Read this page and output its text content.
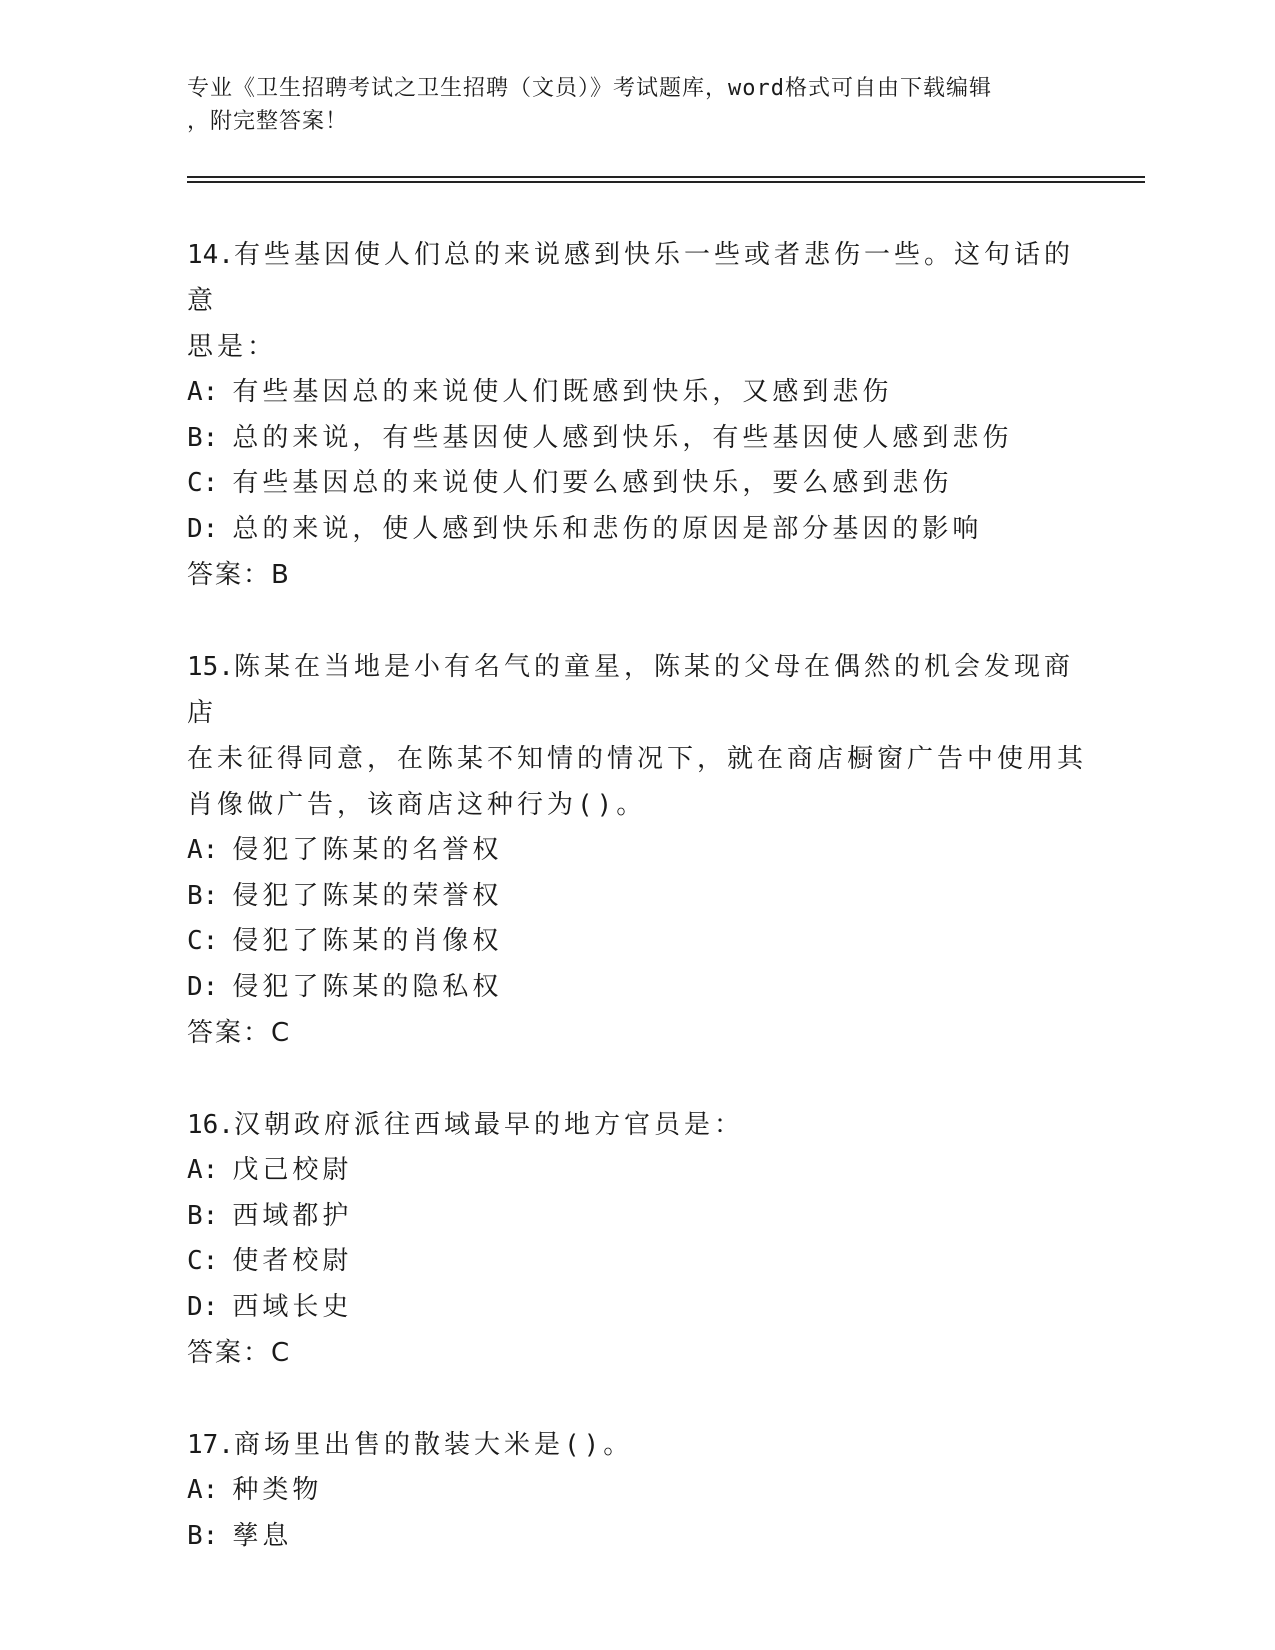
专业《卫生招聘考试之卫生招聘（文员）》考试题库，word格式可自由下载编辑
，附完整答案！
14.有些基因使人们总的来说感到快乐一些或者悲伤一些。这句话的意
思是：
A: 有些基因总的来说使人们既感到快乐，又感到悲伤
B: 总的来说，有些基因使人感到快乐，有些基因使人感到悲伤
C: 有些基因总的来说使人们要么感到快乐，要么感到悲伤
D: 总的来说，使人感到快乐和悲伤的原因是部分基因的影响
答案：B
15.陈某在当地是小有名气的童星，陈某的父母在偶然的机会发现商店
在未征得同意，在陈某不知情的情况下，就在商店橱窗广告中使用其
肖像做广告，该商店这种行为()。
A: 侵犯了陈某的名誉权
B: 侵犯了陈某的荣誉权
C: 侵犯了陈某的肖像权
D: 侵犯了陈某的隐私权
答案：C
16.汉朝政府派往西域最早的地方官员是：
A: 戊己校尉
B: 西域都护
C: 使者校尉
D: 西域长史
答案：C
17.商场里出售的散装大米是()。
A: 种类物
B: 孳息
